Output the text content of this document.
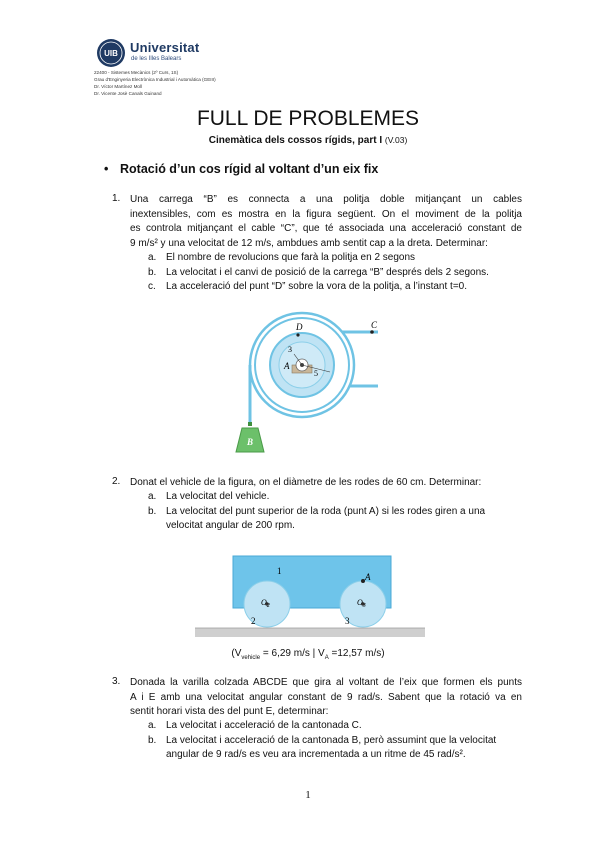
UIB Universitat
de les Illes Balears
22400 - Sistemes Mecànics (2º Curs, 1S)
Grau d'Enginyeria Electrònica Industrial i Automàtica (GEIII)
Dr. Víctor Martínez Moll
Dr. Vicente Josè Canals Guinand
FULL DE PROBLEMES
Cinemàtica dels cossos rígids, part I (V.03)
• Rotació d’un cos rígid al voltant d’un eix fix
1. Una carrega “B” es connecta a una politja doble mitjançant un cables
inextensibles, com es mostra en la figura següent. On el moviment de la politja
es controla mitjançant el cable “C”, que té associada una acceleració constant de
9 m/s² y una velocitat de 12 m/s, ambdues amb sentit cap a la dreta. Determinar:
a. El nombre de revolucions que farà la politja en 2 segons
b. La velocitat i el canvi de posició de la carrega “B” després dels 2 segons.
c. La acceleració del punt “D” sobre la vora de la politja, a l’instant t=0.
D	C
A
3
5
B
2. Donat el vehicle de la figura, on el diàmetre de les rodes de 60 cm. Determinar:
a. La velocitat del vehicle.
b. La velocitat del punt superior de la roda (punt A) si les rodes giren a una
velocitat angular de 200 rpm.
1
A
$O_2$	$O_3$
2	3
($V_{vehicle} = 6,29$ m/s | $V_A =12,57$ m/s)
3. Donada la varilla colzada ABCDE que gira al voltant de l’eix que formen els punts
A i E amb una velocitat angular constant de 9 rad/s. Sabent que la rotació va en
sentit horari vista des del punt E, determinar:
a. La velocitat i acceleració de la cantonada C.
b. La velocitat i acceleració de la cantonada B, però assumint que la velocitat
angular de 9 rad/s es veu ara incrementada a un ritme de 45 rad/s².
1
